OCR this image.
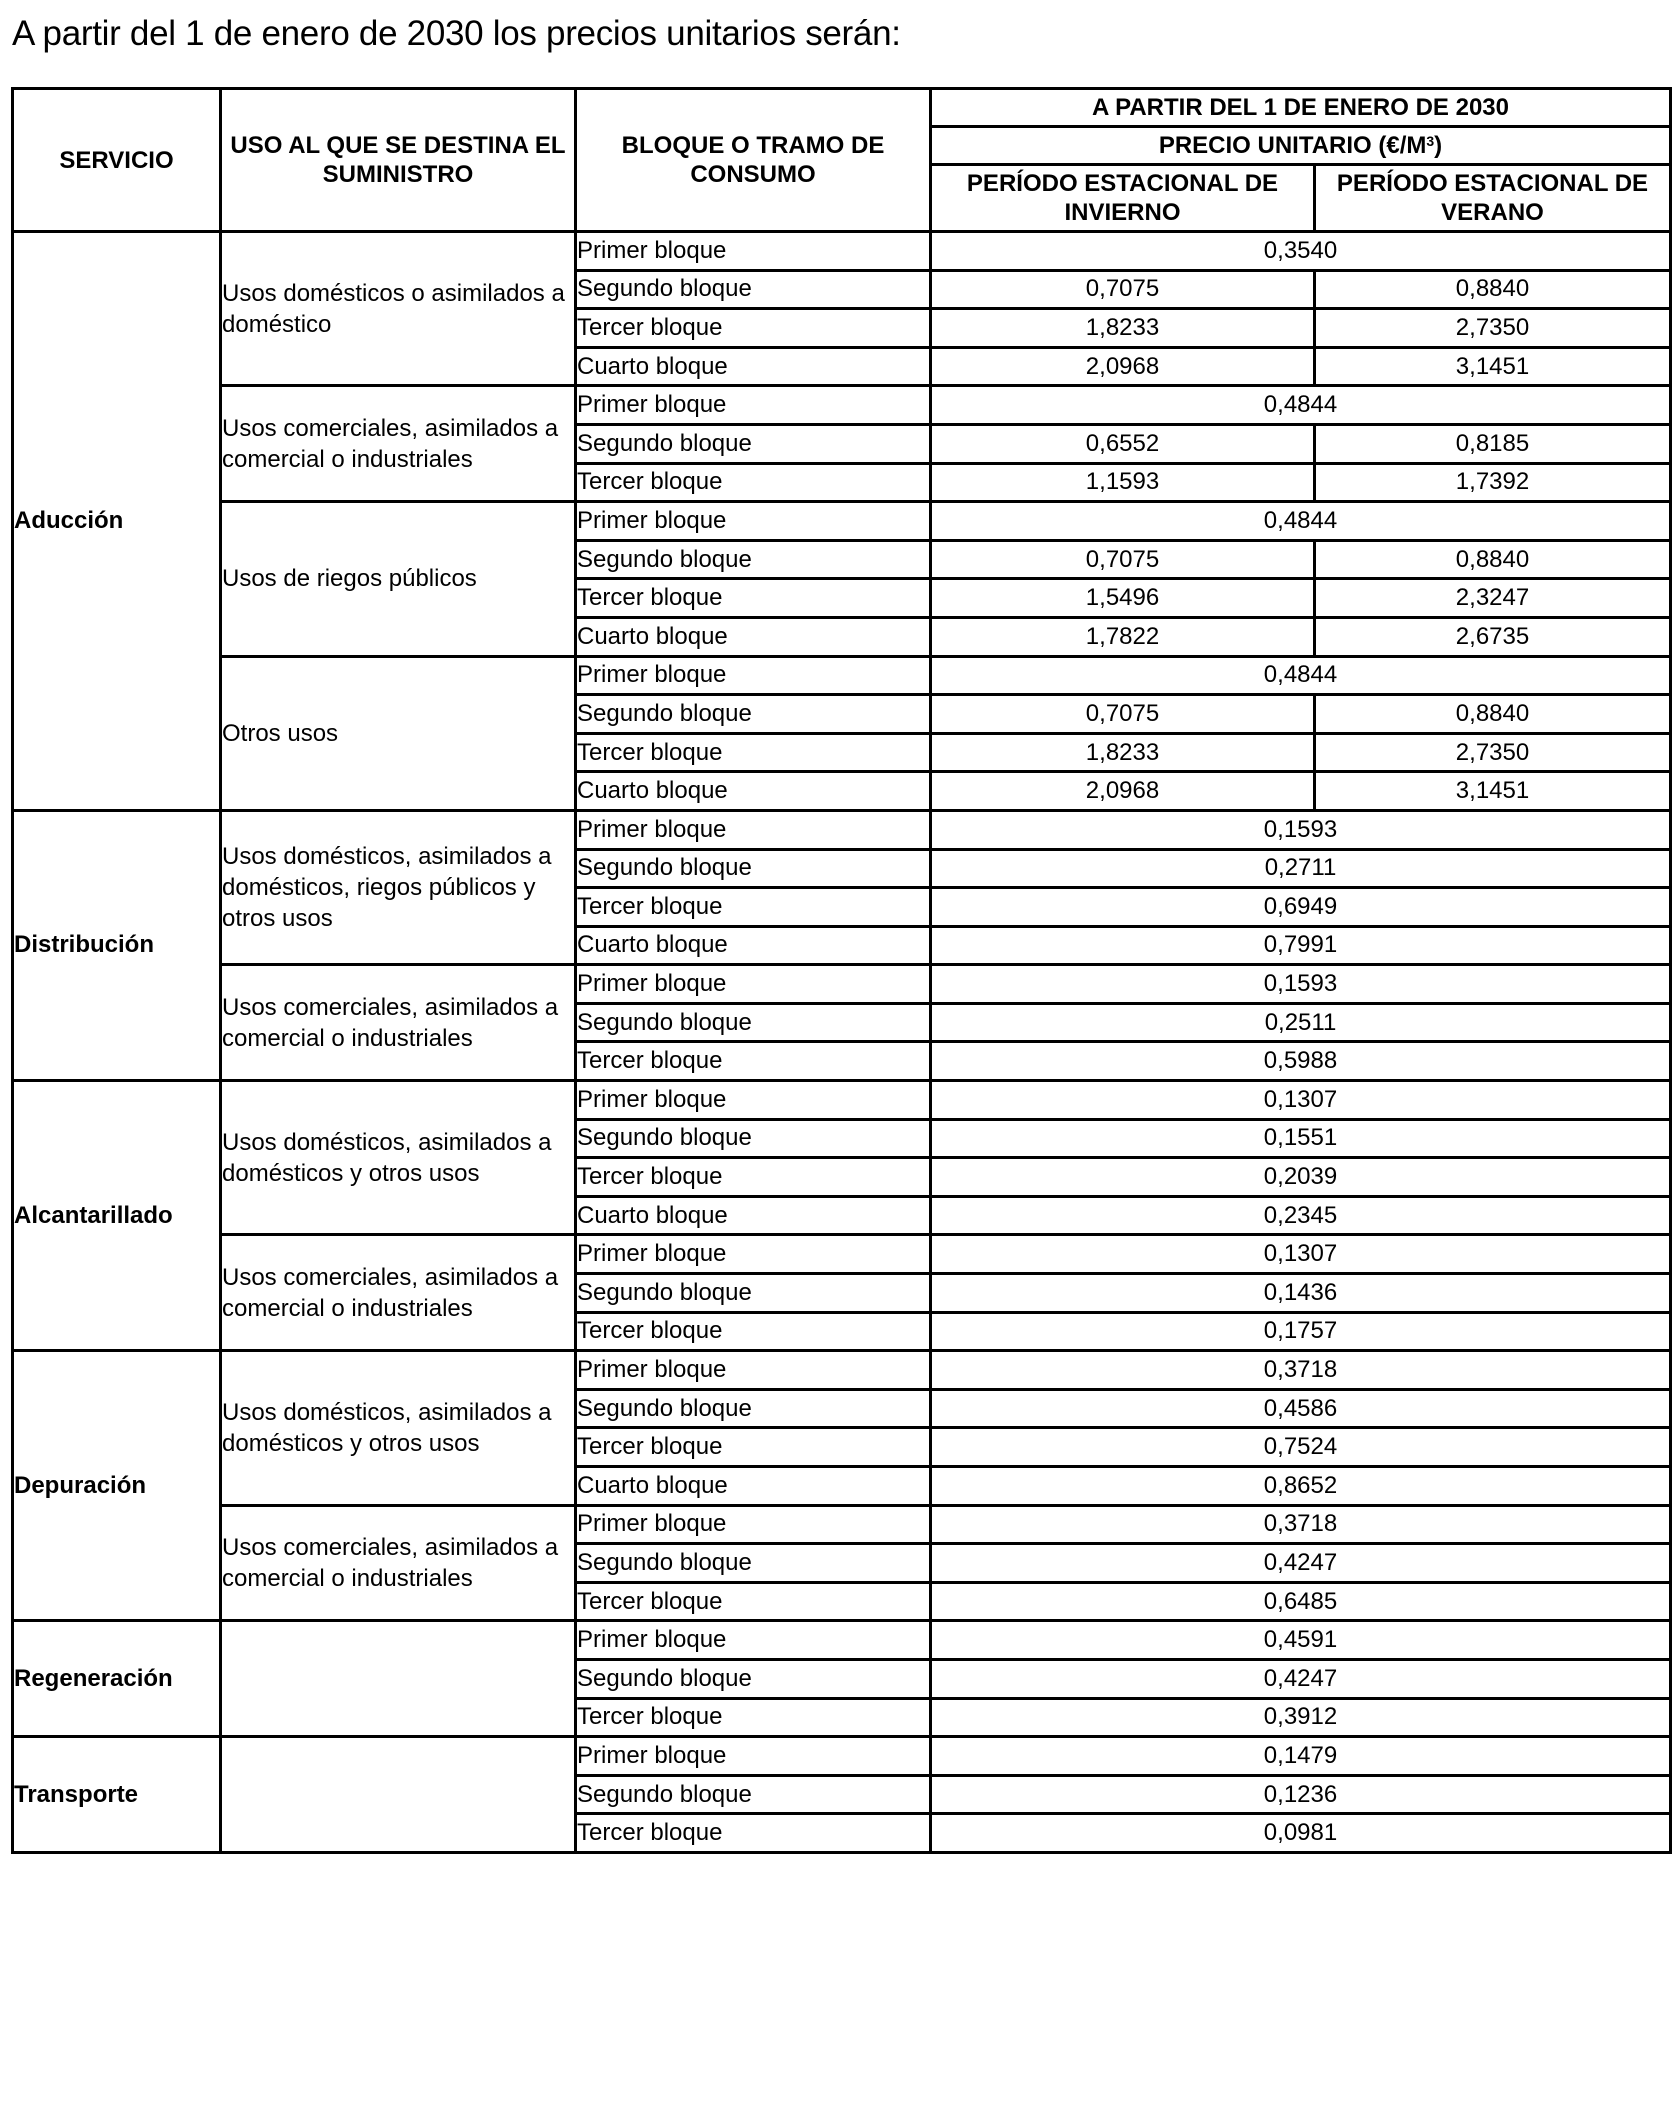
A partir del 1 de enero de 2030 los precios unitarios serán:
SERVICIO	USO AL QUE SE DESTINA EL SUMINISTRO	BLOQUE O TRAMO DE CONSUMO	A PARTIR DEL 1 DE ENERO DE 2030	
			PRECIO UNITARIO $(€/M^3)$	
			PERÍODO ESTACIONAL DE INVIERNO	PERÍODO ESTACIONAL DE VERANO
Aducción	Usos domésticos o asimilados a doméstico	Primer bloque	0,3540	
		Segundo bloque	0,7075	0,8840
		Tercer bloque	1,8233	2,7350
		Cuarto bloque	2,0968	3,1451
	Usos comerciales, asimilados a comercial o industriales	Primer bloque	0,4844	
		Segundo bloque	0,6552	0,8185
		Tercer bloque	1,1593	1,7392
	Usos de riegos públicos	Primer bloque	0,4844	
		Segundo bloque	0,7075	0,8840
		Tercer bloque	1,5496	2,3247
		Cuarto bloque	1,7822	2,6735
	Otros usos	Primer bloque	0,4844	
		Segundo bloque	0,7075	0,8840
		Tercer bloque	1,8233	2,7350
		Cuarto bloque	2,0968	3,1451
Distribución	Usos domésticos, asimilados a domésticos, riegos públicos y otros usos	Primer bloque	0,1593	
		Segundo bloque	0,2711	
		Tercer bloque	0,6949	
		Cuarto bloque	0,7991	
	Usos comerciales, asimilados a comercial o industriales	Primer bloque	0,1593	
		Segundo bloque	0,2511	
		Tercer bloque	0,5988	
Alcantarillado	Usos domésticos, asimilados a domésticos y otros usos	Primer bloque	0,1307	
		Segundo bloque	0,1551	
		Tercer bloque	0,2039	
		Cuarto bloque	0,2345	
	Usos comerciales, asimilados a comercial o industriales	Primer bloque	0,1307	
		Segundo bloque	0,1436	
		Tercer bloque	0,1757	
Depuración	Usos domésticos, asimilados a domésticos y otros usos	Primer bloque	0,3718	
		Segundo bloque	0,4586	
		Tercer bloque	0,7524	
		Cuarto bloque	0,8652	
	Usos comerciales, asimilados a comercial o industriales	Primer bloque	0,3718	
		Segundo bloque	0,4247	
		Tercer bloque	0,6485	
Regeneración		Primer bloque	0,4591	
		Segundo bloque	0,4247	
		Tercer bloque	0,3912	
Transporte		Primer bloque	0,1479	
		Segundo bloque	0,1236	
		Tercer bloque	0,0981	
